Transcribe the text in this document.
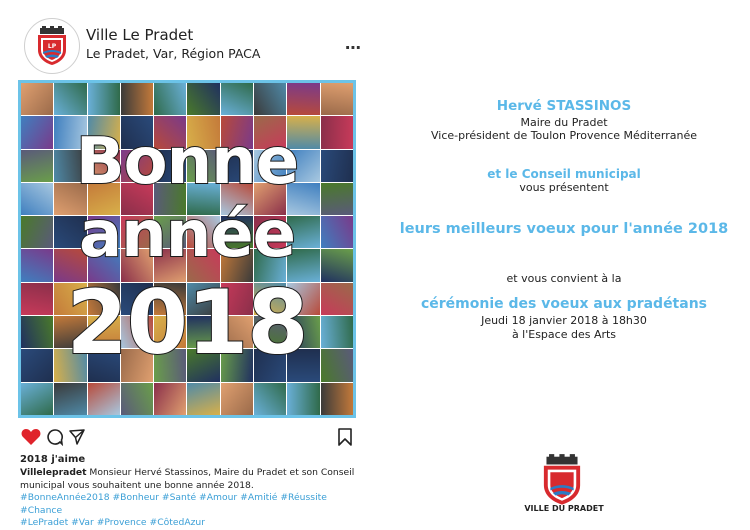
LP
Ville Le Pradet
Le Pradet, Var, Région PACA	⋯
Bonne
année
2018
2018 j'aime
Villelepradet Monsieur Hervé Stassinos, Maire du Pradet et son Conseil municipal vous souhaitent une bonne année 2018.
#BonneAnnée2018 #Bonheur #Santé #Amour #Amitié #Réussite #Chance
#LePradet #Var #Provence #CôtedAzur
Hervé STASSINOS
Maire du Pradet
Vice-président de Toulon Provence Méditerranée
et le Conseil municipal
vous présentent
leurs meilleurs voeux pour l'année 2018
et vous convient à la
cérémonie des voeux aux pradétans
Jeudi 18 janvier 2018 à 18h30
à l'Espace des Arts
VILLE DU PRADET
